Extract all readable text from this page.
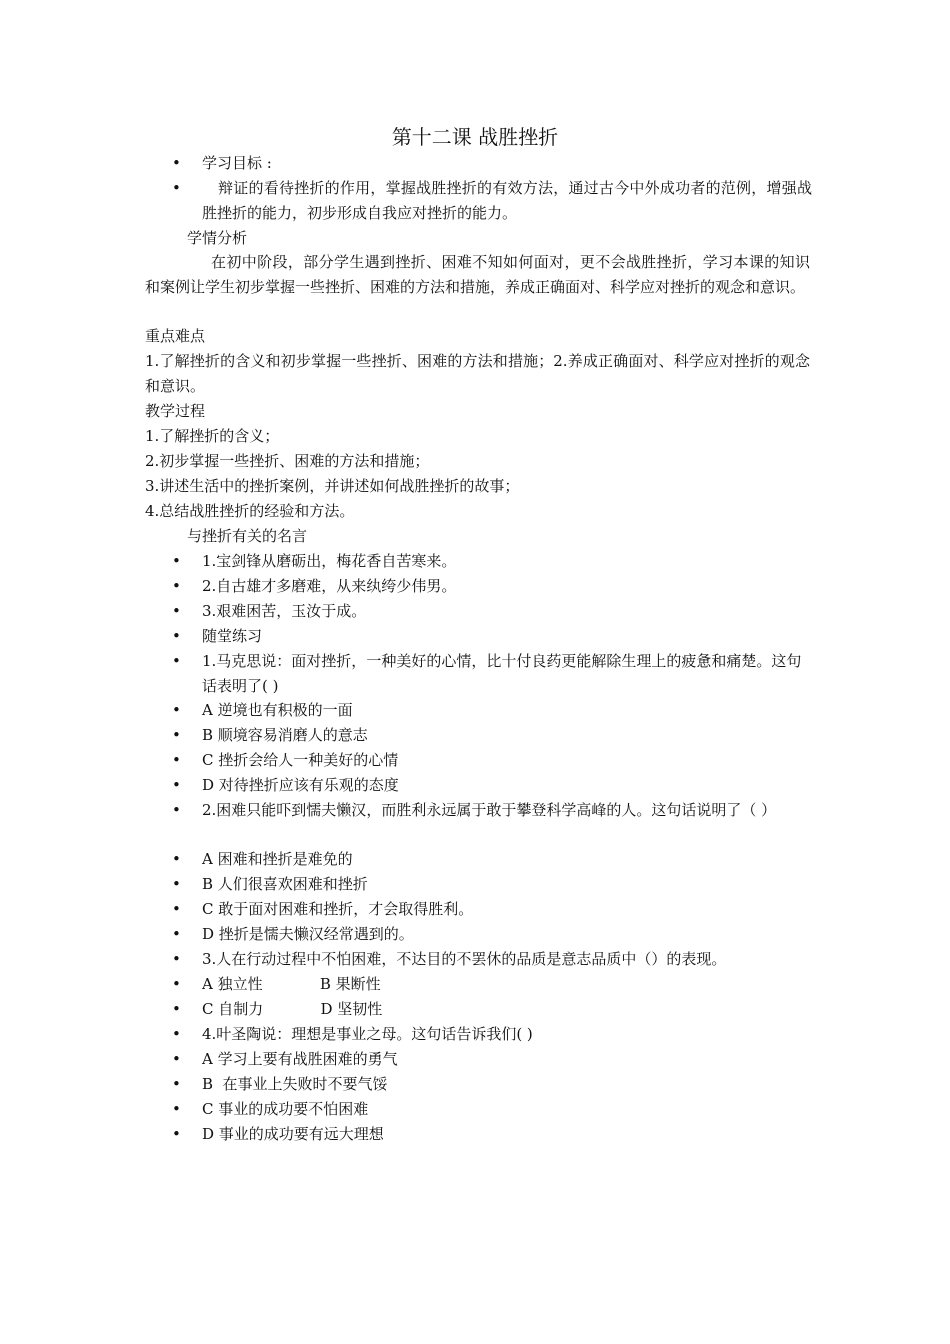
第十二课 战胜挫折
• 学习目标 :
•	辩证的看待挫折的作用，掌握战胜挫折的有效方法，通过古今中外成功者的范例，增强战胜挫折的能力，初步形成自我应对挫折的能力。
学情分析
在初中阶段，部分学生遇到挫折、困难不知如何面对，更不会战胜挫折，学习本课的知识和案例让学生初步掌握一些挫折、困难的方法和措施，养成正确面对、科学应对挫折的观念和意识。
重点难点
1.了解挫折的含义和初步掌握一些挫折、困难的方法和措施；2.养成正确面对、科学应对挫折的观念和意识。
教学过程
1.了解挫折的含义；
2.初步掌握一些挫折、困难的方法和措施；
3.讲述生活中的挫折案例，并讲述如何战胜挫折的故事；
4.总结战胜挫折的经验和方法。
与挫折有关的名言
• 1.宝剑锋从磨砺出，梅花香自苦寒来。
• 2.自古雄才多磨难，从来纨绔少伟男。
• 3.艰难困苦，玉汝于成。
• 随堂练习
• 1.马克思说：面对挫折，一种美好的心情，比十付良药更能解除生理上的疲惫和痛楚。这句话表明了( )
• A 逆境也有积极的一面
• B 顺境容易消磨人的意志
• C 挫折会给人一种美好的心情
• D 对待挫折应该有乐观的态度
• 2.困难只能吓到懦夫懒汉，而胜利永远属于敢于攀登科学高峰的人。这句话说明了（ ）
• A 困难和挫折是难免的
• B 人们很喜欢困难和挫折
• C 敢于面对困难和挫折，才会取得胜利。
• D 挫折是懦夫懒汉经常遇到的。
• 3.人在行动过程中不怕困难，不达目的不罢休的品质是意志品质中（）的表现。
• A 独立性            B 果断性
• C 自制力            D 坚韧性
• 4.叶圣陶说：理想是事业之母。这句话告诉我们( )
• A 学习上要有战胜困难的勇气
• B  在事业上失败时不要气馁
• C 事业的成功要不怕困难
• D 事业的成功要有远大理想
